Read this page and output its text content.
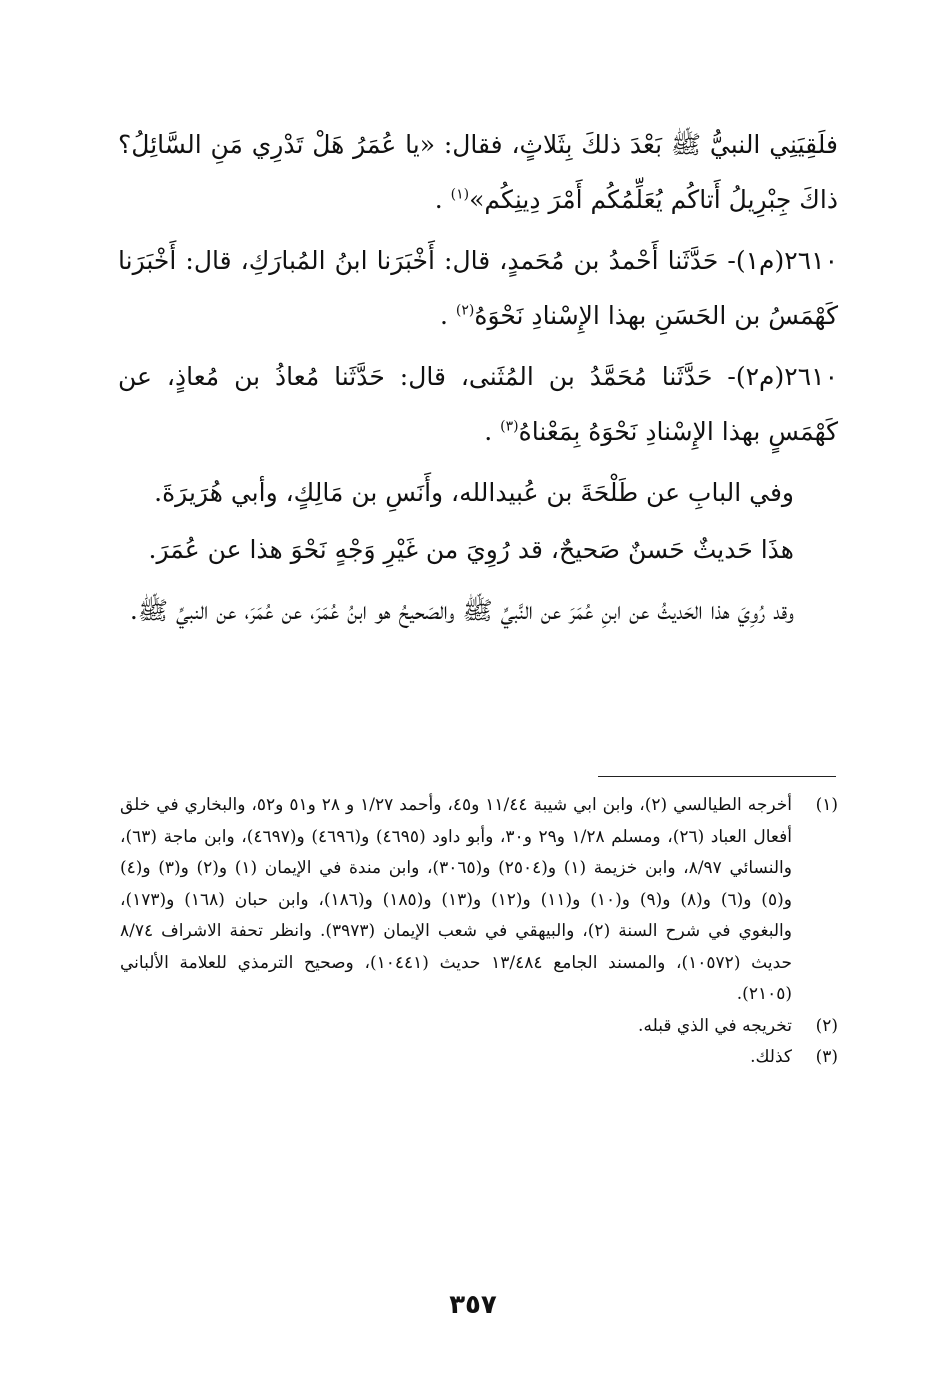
فلَقِيَنِي النبيُّ ﷺ بَعْدَ ذلكَ بِثَلاثٍ، فقال: «يا عُمَرُ هَلْ تَدْرِي مَنِ السَّائِلُ؟ ذاكَ جِبْرِيلُ أَتاكُم يُعَلِّمُكُم أَمْرَ دِينِكُم»$^{(١)}$ .

٢٦١٠(م١)- حَدَّثَنا أَحْمدُ بن مُحَمدٍ، قال: أَخْبَرَنا ابنُ المُبارَكِ، قال: أَخْبَرَنا كَهْمَسُ بن الحَسَنِ بهذا الإِسْنادِ نَحْوَهُ$^{(٢)}$ .

٢٦١٠(م٢)- حَدَّثَنا مُحَمَّدُ بن المُثَنى، قال: حَدَّثَنا مُعاذُ بن مُعاذٍ، عن كَهْمَسٍ بهذا الإِسْنادِ نَحْوَهُ بِمَعْناهُ$^{(٣)}$ .

وفي البابِ عن طَلْحَةَ بن عُبيدالله، وأَنَسِ بن مَالِكٍ، وأبي هُرَيرَةَ.

هذَا حَديثٌ حَسنٌ صَحيحٌ، قد رُوِيَ من غَيْرِ وَجْهٍ نَحْوَ هذا عن عُمَرَ.

وقد رُوِيَ هذا الحَديثُ عن ابنِ عُمَرَ عن النَّبيِّ ﷺ والصَحيحُ هو ابنُ عُمَرَ، عن عُمَرَ، عن النبيِّ ﷺ.

(١)
أخرجه الطيالسي (٢)، وابن ابي شيبة ١١/٤٤ و٤٥، وأحمد ١/٢٧ و ٢٨ و٥١ و٥٢، والبخاري في خلق أفعال العباد (٢٦)، ومسلم ١/٢٨ و٢٩ و٣٠، وأبو داود (٤٦٩٥) و(٤٦٩٦) و(٤٦٩٧)، وابن ماجة (٦٣)، والنسائي ٨/٩٧، وابن خزيمة (١) و(٢٥٠٤) و(٣٠٦٥)، وابن مندة في الإيمان (١) و(٢) و(٣) و(٤) و(٥) و(٦) و(٨) و(٩) و(١٠) و(١١) و(١٢) و(١٣) و(١٨٥) و(١٨٦)، وابن حبان (١٦٨) و(١٧٣)، والبغوي في شرح السنة (٢)، والبيهقي في شعب الإيمان (٣٩٧٣). وانظر تحفة الاشراف ٨/٧٤ حديث (١٠٥٧٢)، والمسند الجامع ١٣/٤٨٤ حديث (١٠٤٤١)، وصحيح الترمذي للعلامة الألباني (٢١٠٥).
(٢)
تخريجه في الذي قبله.
(٣)
كذلك.
٣٥٧
